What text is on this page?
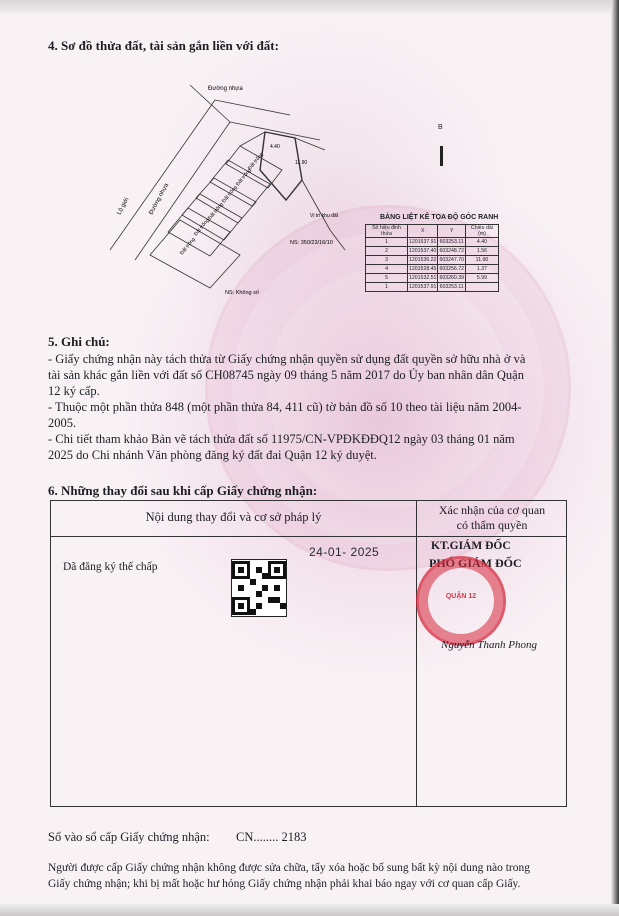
4. Sơ đồ thửa đất, tài sản gắn liền với đất:
Đường nhựa
Lộ giới	Đường nhựa
NS: 350/23/16/10
NS: Không số
Đất trống
Đất trống
Đất trống
Đất trống
Đất trống
Đất trống
Vị trí khu đất
4.40
11.90
B
BẢNG LIỆT KÊ TỌA ĐỘ GÓC RANH
Số hiệu đỉnh thửa	X	Y	Chiều dài (m)
1	1201537.91	603253.11	4.40
2	1201537.40	603248.72	1.56
3	1201536.22	603247.70	11.90
4	1201528.45	603256.72	1.37
5	1201532.51	603260.39	5.99
1	1201537.91	603253.11	
5. Ghi chú:
- Giấy chứng nhận này tách thửa từ Giấy chứng nhận quyền sử dụng đất quyền sở hữu nhà ở và
tài sản khác gắn liền với đất số CH08745 ngày 09 tháng 5 năm 2017 do Ủy ban nhân dân Quận
12 ký cấp.
- Thuộc một phần thửa 848 (một phần thửa 84, 411 cũ) tờ bản đồ số 10 theo tài liệu năm 2004-
2005.
- Chi tiết tham khảo Bản vẽ tách thửa đất số 11975/CN-VPĐKĐĐQ12 ngày 03 tháng 01 năm
2025 do Chi nhánh Văn phòng đăng ký đất đai Quận 12 ký duyệt.
6. Những thay đổi sau khi cấp Giấy chứng nhận:
Nội dung thay đổi và cơ sở pháp lý	Xác nhận của cơ quan
có thẩm quyền
Dã đăng ký thế chấp
24-01- 2025	KT.GIÁM ĐỐC
PHÓ GIÁM ĐỐC
QUẬN 12
Nguyễn Thanh Phong
Số vào sổ cấp Giấy chứng nhận: CN........ 2183
Người được cấp Giấy chứng nhận không được sửa chữa, tẩy xóa hoặc bổ sung bất kỳ nội dung nào trong
Giấy chứng nhận; khi bị mất hoặc hư hỏng Giấy chứng nhận phải khai báo ngay với cơ quan cấp Giấy.
